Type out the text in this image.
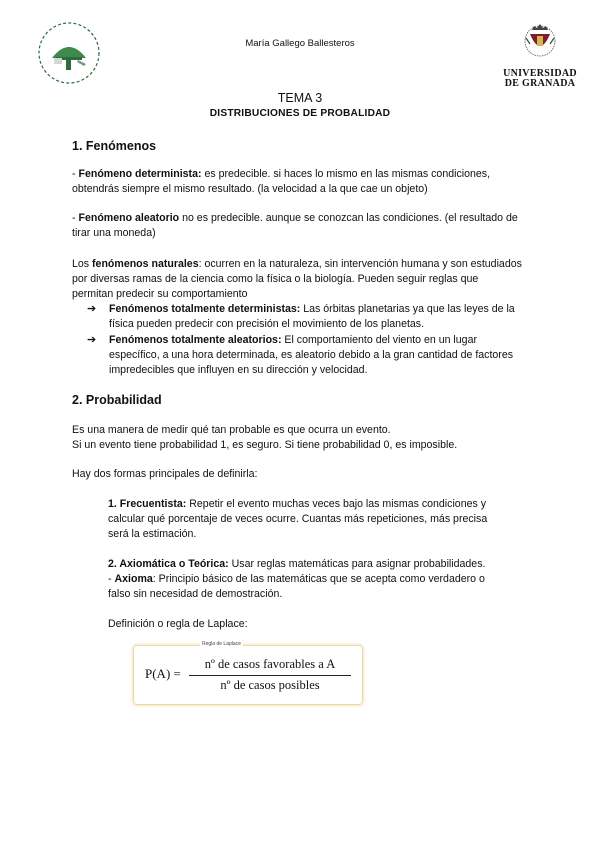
UNIVERSIDAD
DE GRANADA
María Gallego Ballesteros
TEMA 3
DISTRIBUCIONES DE PROBALIDAD
1. Fenómenos

- Fenómeno determinista: es predecible. si haces lo mismo en las mismas condiciones, obtendrás siempre el mismo resultado. (la velocidad a la que cae un objeto)

- Fenómeno aleatorio no es predecible. aunque se conozcan las condiciones. (el resultado de tirar una moneda)

Los fenómenos naturales: ocurren en la naturaleza, sin intervención humana y son estudiados por diversas ramas de la ciencia como la física o la biología. Pueden seguir reglas que permitan predecir su comportamiento

➔	Fenómenos totalmente deterministas: Las órbitas planetarias ya que las leyes de la física pueden predecir con precisión el movimiento de los planetas.
➔	Fenómenos totalmente aleatorios: El comportamiento del viento en un lugar específico, a una hora determinada, es aleatorio debido a la gran cantidad de factores impredecibles que influyen en su dirección y velocidad.
2. Probabilidad

Es una manera de medir qué tan probable es que ocurra un evento.

Si un evento tiene probabilidad 1, es seguro. Si tiene probabilidad 0, es imposible.

Hay dos formas principales de definirla:

1. Frecuentista: Repetir el evento muchas veces bajo las mismas condiciones y calcular qué porcentaje de veces ocurre. Cuantas más repeticiones, más precisa será la estimación.

2. Axiomática o Teórica: Usar reglas matemáticas para asignar probabilidades.

- Axioma: Principio básico de las matemáticas que se acepta como verdadero o falso sin necesidad de demostración.

Definición o regla de Laplace:

Regla de Laplace
P(A) =
nº de casos favorables a A
nº de casos posibles
